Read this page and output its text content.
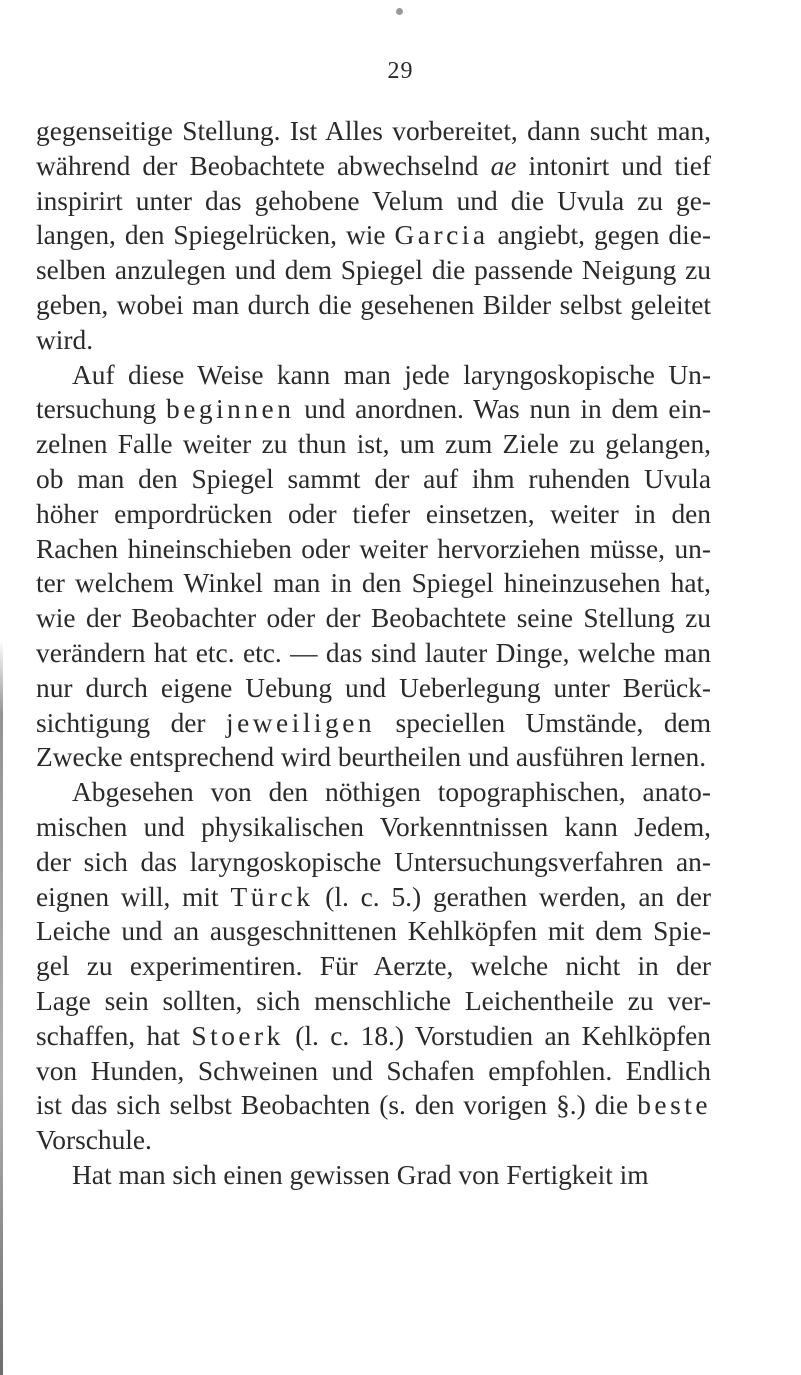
29
gegenseitige Stellung. Ist Alles vorbereitet, dann sucht man,
während der Beobachtete abwechselnd ae intonirt und tief
inspirirt unter das gehobene Velum und die Uvula zu ge-
langen, den Spiegelrücken, wie Garcia angiebt, gegen die-
selben anzulegen und dem Spiegel die passende Neigung zu
geben, wobei man durch die gesehenen Bilder selbst geleitet
wird.
Auf diese Weise kann man jede laryngoskopische Un-
tersuchung beginnen und anordnen. Was nun in dem ein-
zelnen Falle weiter zu thun ist, um zum Ziele zu gelangen,
ob man den Spiegel sammt der auf ihm ruhenden Uvula
höher empordrücken oder tiefer einsetzen, weiter in den
Rachen hineinschieben oder weiter hervorziehen müsse, un-
ter welchem Winkel man in den Spiegel hineinzusehen hat,
wie der Beobachter oder der Beobachtete seine Stellung zu
verändern hat etc. etc. — das sind lauter Dinge, welche man
nur durch eigene Uebung und Ueberlegung unter Berück-
sichtigung der jeweiligen speciellen Umstände, dem
Zwecke entsprechend wird beurtheilen und ausführen lernen.
Abgesehen von den nöthigen topographischen, anato-
mischen und physikalischen Vorkenntnissen kann Jedem,
der sich das laryngoskopische Untersuchungsverfahren an-
eignen will, mit Türck (l. c. 5.) gerathen werden, an der
Leiche und an ausgeschnittenen Kehlköpfen mit dem Spie-
gel zu experimentiren. Für Aerzte, welche nicht in der
Lage sein sollten, sich menschliche Leichentheile zu ver-
schaffen, hat Stoerk (l. c. 18.) Vorstudien an Kehlköpfen
von Hunden, Schweinen und Schafen empfohlen. Endlich
ist das sich selbst Beobachten (s. den vorigen §.) die beste
Vorschule.
Hat man sich einen gewissen Grad von Fertigkeit im
